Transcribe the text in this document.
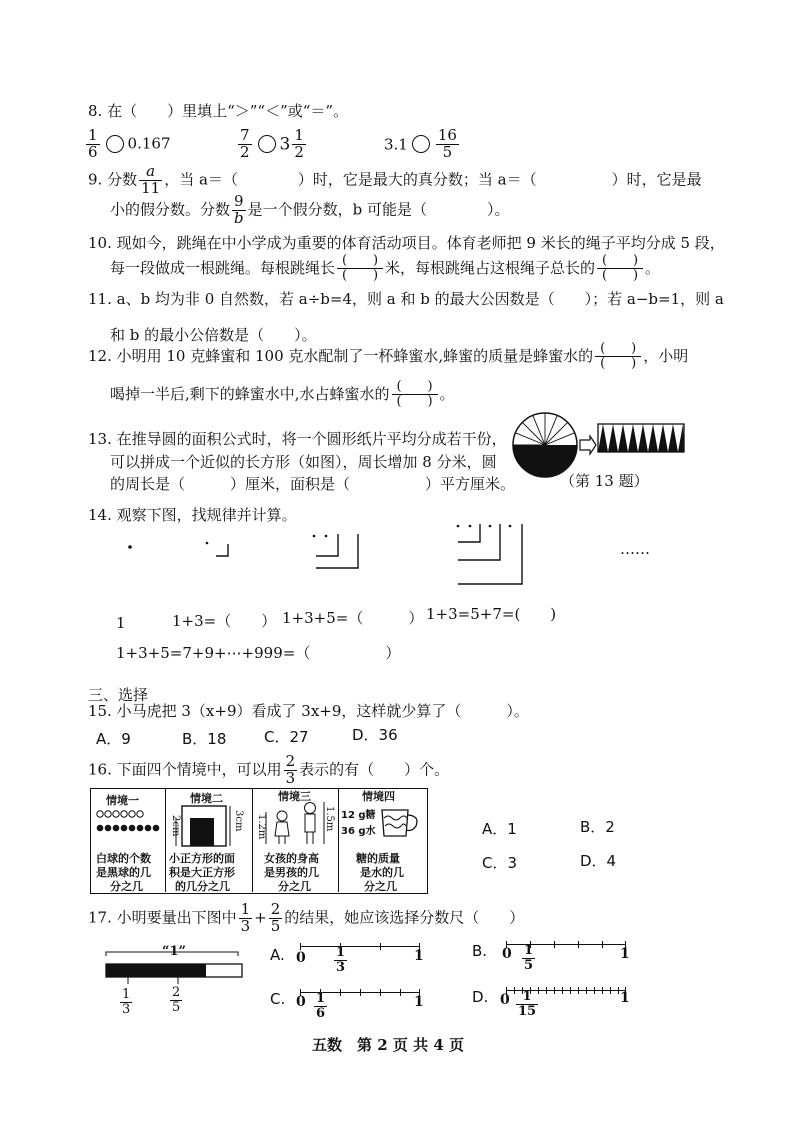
8. 在（　　）里填上“＞”“＜”或“＝”。
$\frac{1}{6} 0.167$	$\frac{7}{2} 3 \frac{1}{2}$	$3.1 \frac{16}{5}$
9. 分数 $\frac{a}{11}$ ，当 a＝（　　　　）时，它是最大的真分数；当 a＝（　　　　　）时，它是最
小的假分数。分数 $\frac{9}{b}$ 是一个假分数，b 可能是（　　　　）。
10. 现如今，跳绳在中小学成为重要的体育活动项目。体育老师把 9 米长的绳子平均分成 5 段，
每一段做成一根跳绳。每根跳绳长 (　　)
(　　) 米，每根跳绳占这根绳子总长的 (　　)
(　　) 。
11. a、b 均为非 0 自然数，若 a÷b=4，则 a 和 b 的最大公因数是（　　）；若 a−b=1，则 a
和 b 的最小公倍数是（　　）。
12. 小明用 10 克蜂蜜和 100 克水配制了一杯蜂蜜水,蜂蜜的质量是蜂蜜水的 (　　)
(　　) ，小明
喝掉一半后,剩下的蜂蜜水中,水占蜂蜜水的 (　　)
(　　) 。
13. 在推导圆的面积公式时，将一个圆形纸片平均分成若干份，
可以拼成一个近似的长方形（如图），周长增加 8 分米，圆
的周长是（　　　）厘米，面积是（　　　　　）平方厘米。	（第 13 题）
14. 观察下图，找规律并计算。
……
1	1+3=（　　） 1+3+5=（　　　） 1+3=5+7=(　　)
1+3+5=7+9+⋯+999=（　　　　　）
三、选择
15. 小马虎把 3（x+9）看成了 3x+9，这样就少算了（　　　）。
A．9	B．18	C．27	D．36
16. 下面四个情境中，可以用 $\frac{2}{3}$ 表示的有（　　）个。
情境一	情境二	情境三	情境四
2cm	3cm 1.2m	1.5m 12 g糖
36 g水
白球的个数
是黑球的几
分之几
小正方形的面
积是大正方形
的几分之几
女孩的身高
是男孩的几
分之几
糖的质量
是水的几
分之几
A．1	B．2
C．3	D．4
17. 小明要量出下图中 $\frac{1}{3} + \frac{2}{5}$ 的结果，她应该选择分数尺（　　）
“1”
$\frac{1}{3}$	$\frac{2}{5}$
A. $0 \frac{1}{3}$	1	B. $0 \frac{1}{5}$	1
C. $0 \frac{1}{6}$	1	D. $0 \frac{1}{15}$	1
五数　第 2 页 共 4 页
